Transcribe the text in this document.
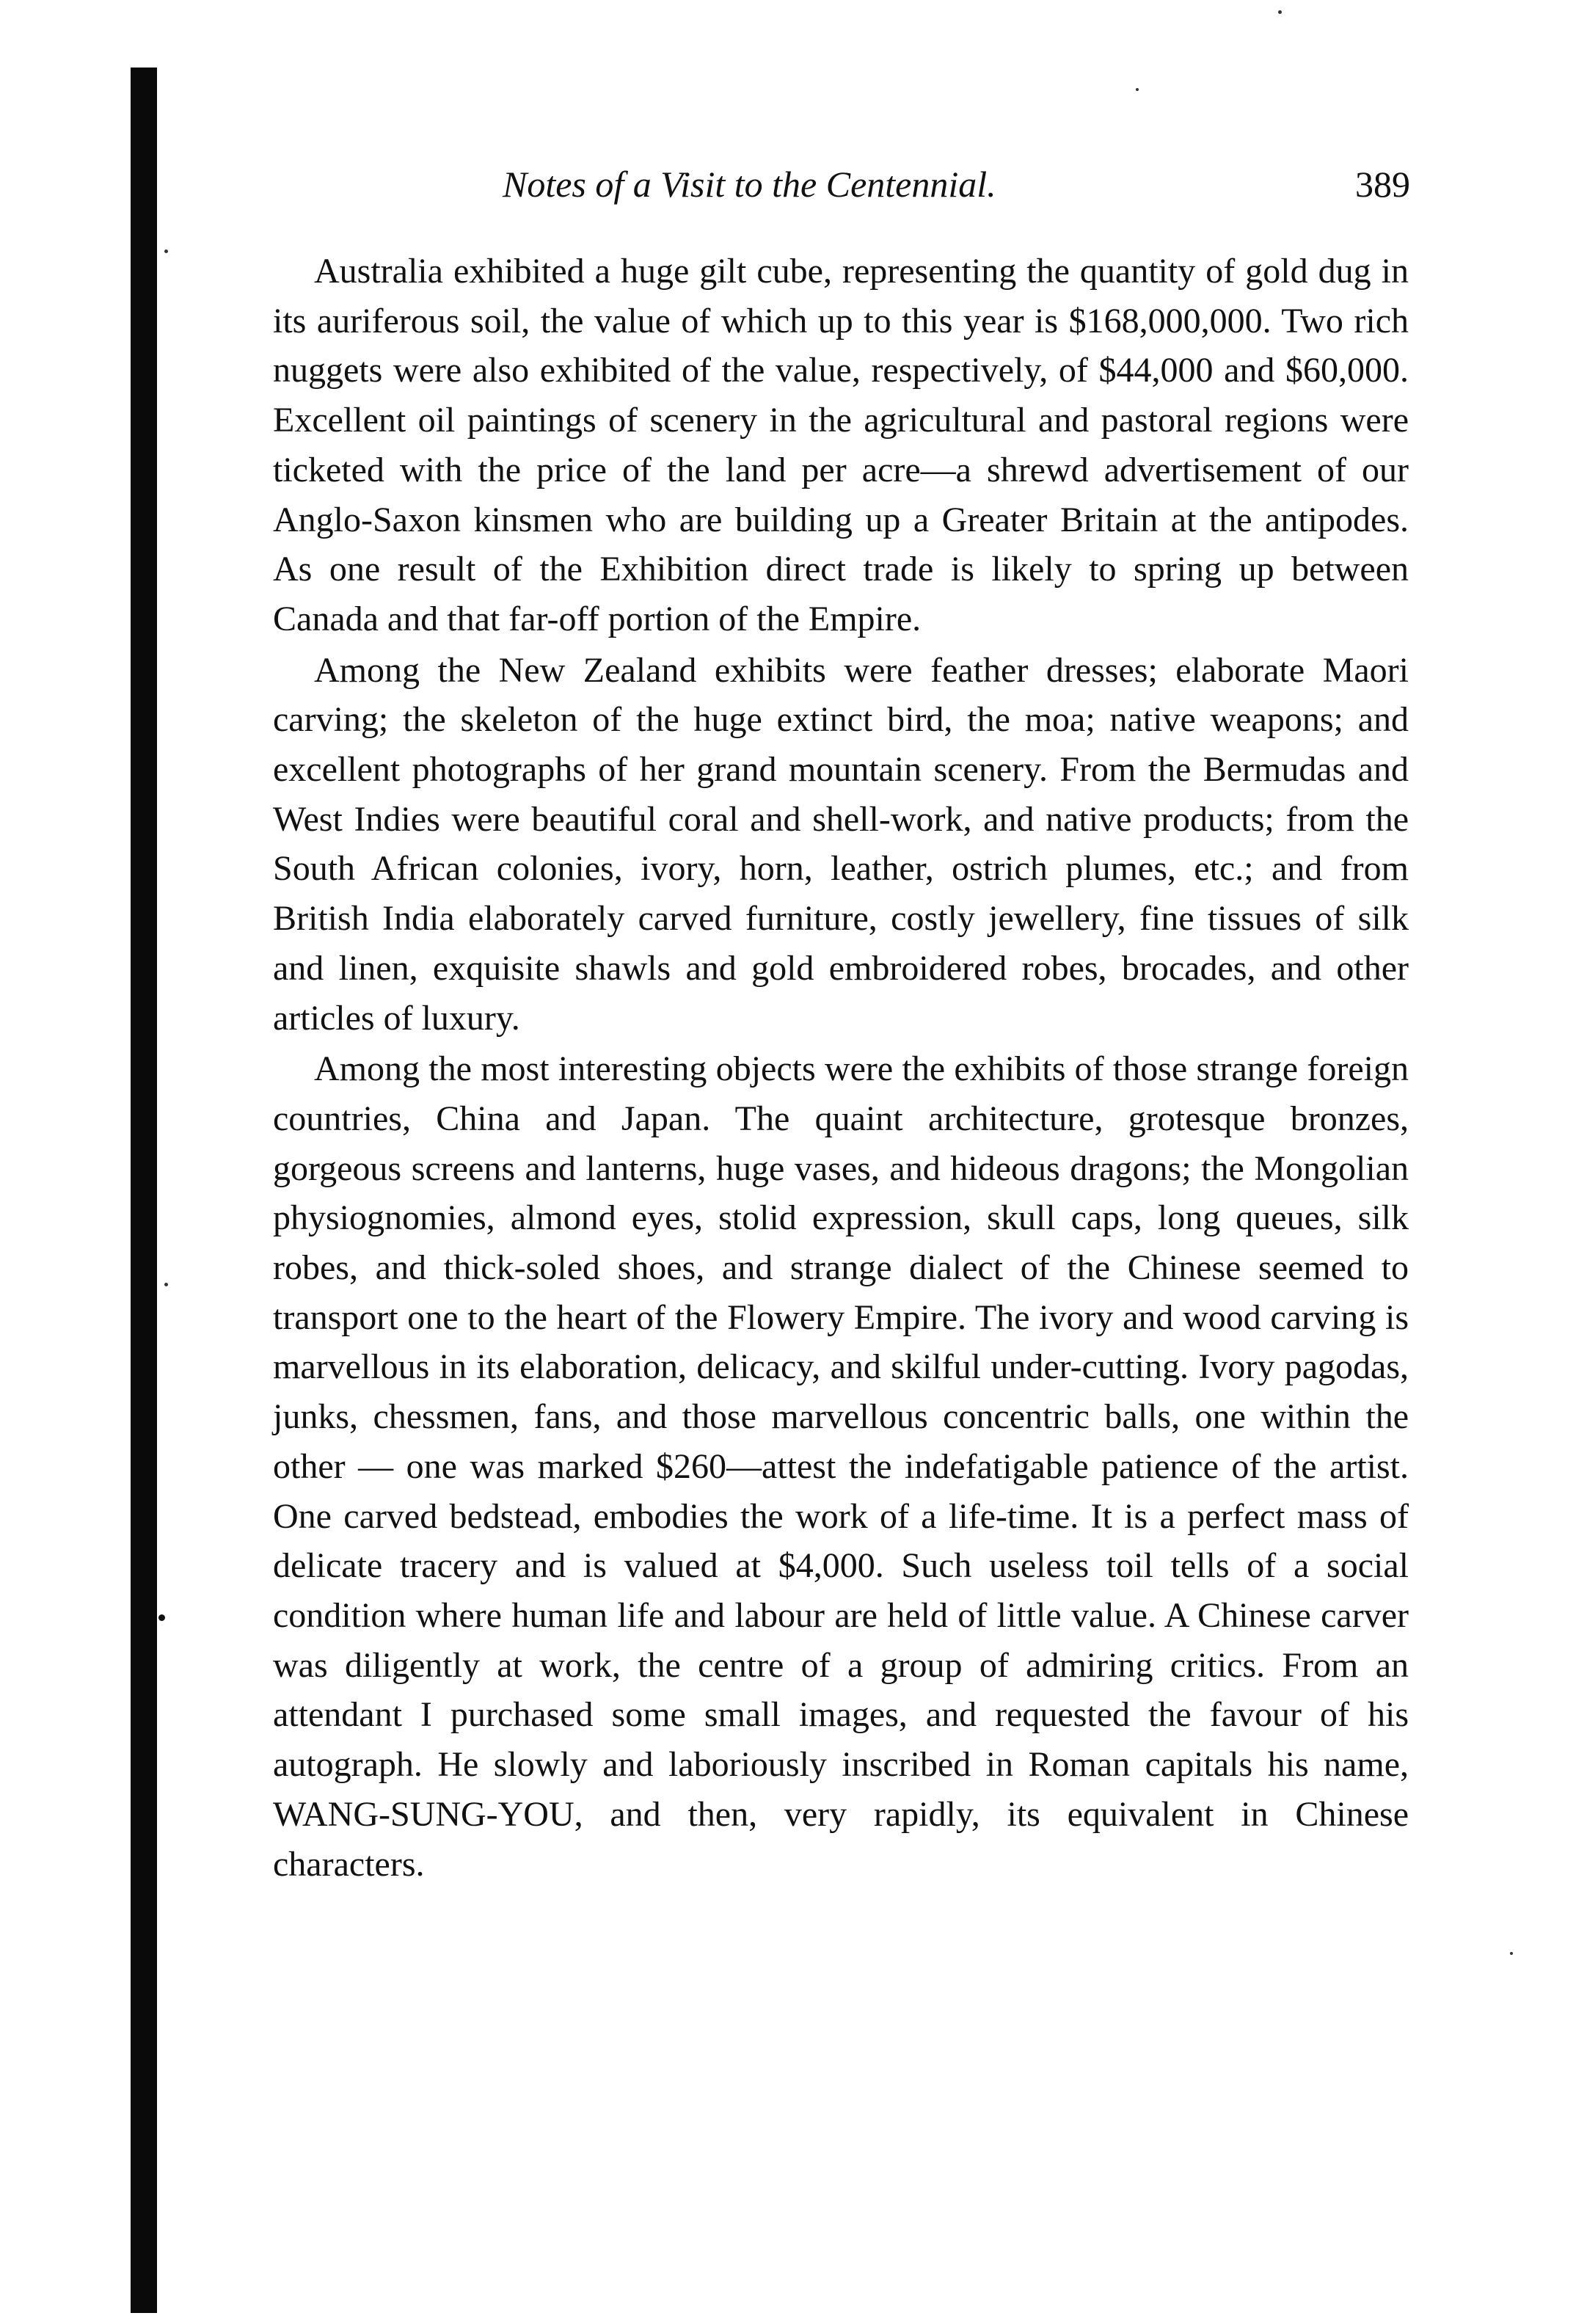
Notes of a Visit to the Centennial.	389

Australia exhibited a huge gilt cube, representing the quantity of gold dug in its auriferous soil, the value of which up to this year is $168,000,000. Two rich nuggets were also exhibited of the value, respectively, of $44,000 and $60,000. Excellent oil paintings of scenery in the agricultural and pastoral regions were ticketed with the price of the land per acre—a shrewd advertisement of our Anglo-Saxon kinsmen who are building up a Greater Britain at the antipodes. As one result of the Exhibition direct trade is likely to spring up between Canada and that far-off portion of the Empire.

Among the New Zealand exhibits were feather dresses; elaborate Maori carving; the skeleton of the huge extinct bird, the moa; native weapons; and excellent photographs of her grand mountain scenery. From the Bermudas and West Indies were beautiful coral and shell-work, and native products; from the South African colonies, ivory, horn, leather, ostrich plumes, etc.; and from British India elaborately carved furniture, costly jewellery, fine tissues of silk and linen, exquisite shawls and gold embroidered robes, brocades, and other articles of luxury.

Among the most interesting objects were the exhibits of those strange foreign countries, China and Japan. The quaint architecture, grotesque bronzes, gorgeous screens and lanterns, huge vases, and hideous dragons; the Mongolian physiognomies, almond eyes, stolid expression, skull caps, long queues, silk robes, and thick-soled shoes, and strange dialect of the Chinese seemed to transport one to the heart of the Flowery Empire. The ivory and wood carving is marvellous in its elaboration, delicacy, and skilful under-cutting. Ivory pagodas, junks, chessmen, fans, and those marvellous concentric balls, one within the other — one was marked $260—attest the indefatigable patience of the artist. One carved bedstead, embodies the work of a life-time. It is a perfect mass of delicate tracery and is valued at $4,000. Such useless toil tells of a social condition where human life and labour are held of little value. A Chinese carver was diligently at work, the centre of a group of admiring critics. From an attendant I purchased some small images, and requested the favour of his autograph. He slowly and laboriously inscribed in Roman capitals his name, WANG-SUNG-YOU, and then, very rapidly, its equivalent in Chinese characters.
